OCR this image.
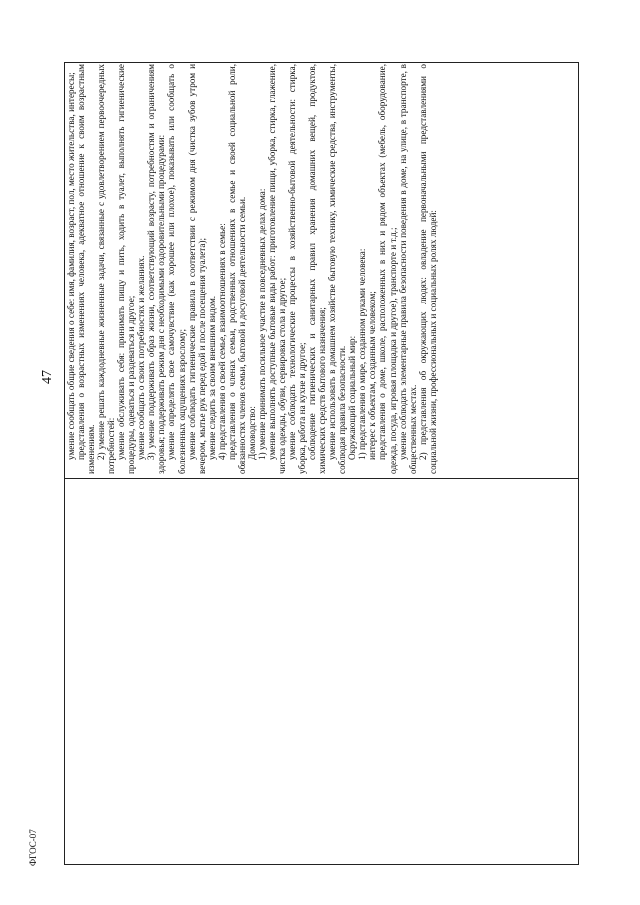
47 умение сообщать общие сведения о себе: имя, фамилия, возраст, пол, место жительства, интересы; представления о возрастных изменениях человека, адекватное отношение к своим возрастным изменениям. 2) умение решать каждодневные жизненные задачи, связанные с удовлетворением первоочередных потребностей: умение обслуживать себя: принимать пищу и пить, ходить в туалет, выполнять гигиенические процедуры, одеваться и раздеваться и другое; умение сообщать о своих потребностях и желаниях. 3) умение поддерживать образ жизни, соответствующий возрасту, потребностям и ограничениям здоровья; поддерживать режим дня с необходимыми оздоровительными процедурами: умение определять свое самочувствие (как хорошее или плохое), показывать или сообщать о болезненных ощущениях взрослому; умение соблюдать гигиенические правила в соответствии с режимом дня (чистка зубов утром и вечером, мытье рук перед едой и после посещения туалета); умение следить за своим внешним видом. 4) представления о своей семье, взаимоотношениях в семье: представления о членах семьи, родственных отношениях в семье и своей социальной роли, обязанностях членов семьи, бытовой и досуговой деятельности семьи. Домоводство: 1) умение принимать посильное участие в повседневных делах дома: умение выполнять доступные бытовые виды работ: приготовление пищи, уборка, стирка, глажение, чистка одежды, обуви, сервировка стола и другое; умение соблюдать технологические процессы в хозяйственно-бытовой деятельности: стирка, уборка, работа на кухне и другое; соблюдение гигиенических и санитарных правил хранения домашних вещей, продуктов, химических средств бытового назначения; умение использовать в домашнем хозяйстве бытовую технику, химические средства, инструменты, соблюдая правила безопасности. Окружающий социальный мир: 1) представления о мире, созданном руками человека: интерес к объектам, созданным человеком; представления о доме, школе, расположенных в них и рядом объектах (мебель, оборудование, одежда, посуда, игровая площадка и другое), транспорте и т.д.; умение соблюдать элементарные правила безопасности поведения в доме, на улице, в транспорте, в общественных местах. 2) представления об окружающих людях: овладение первоначальными представлениями о социальной жизни, профессиональных и социальных ролях людей:

ФГОС-07
